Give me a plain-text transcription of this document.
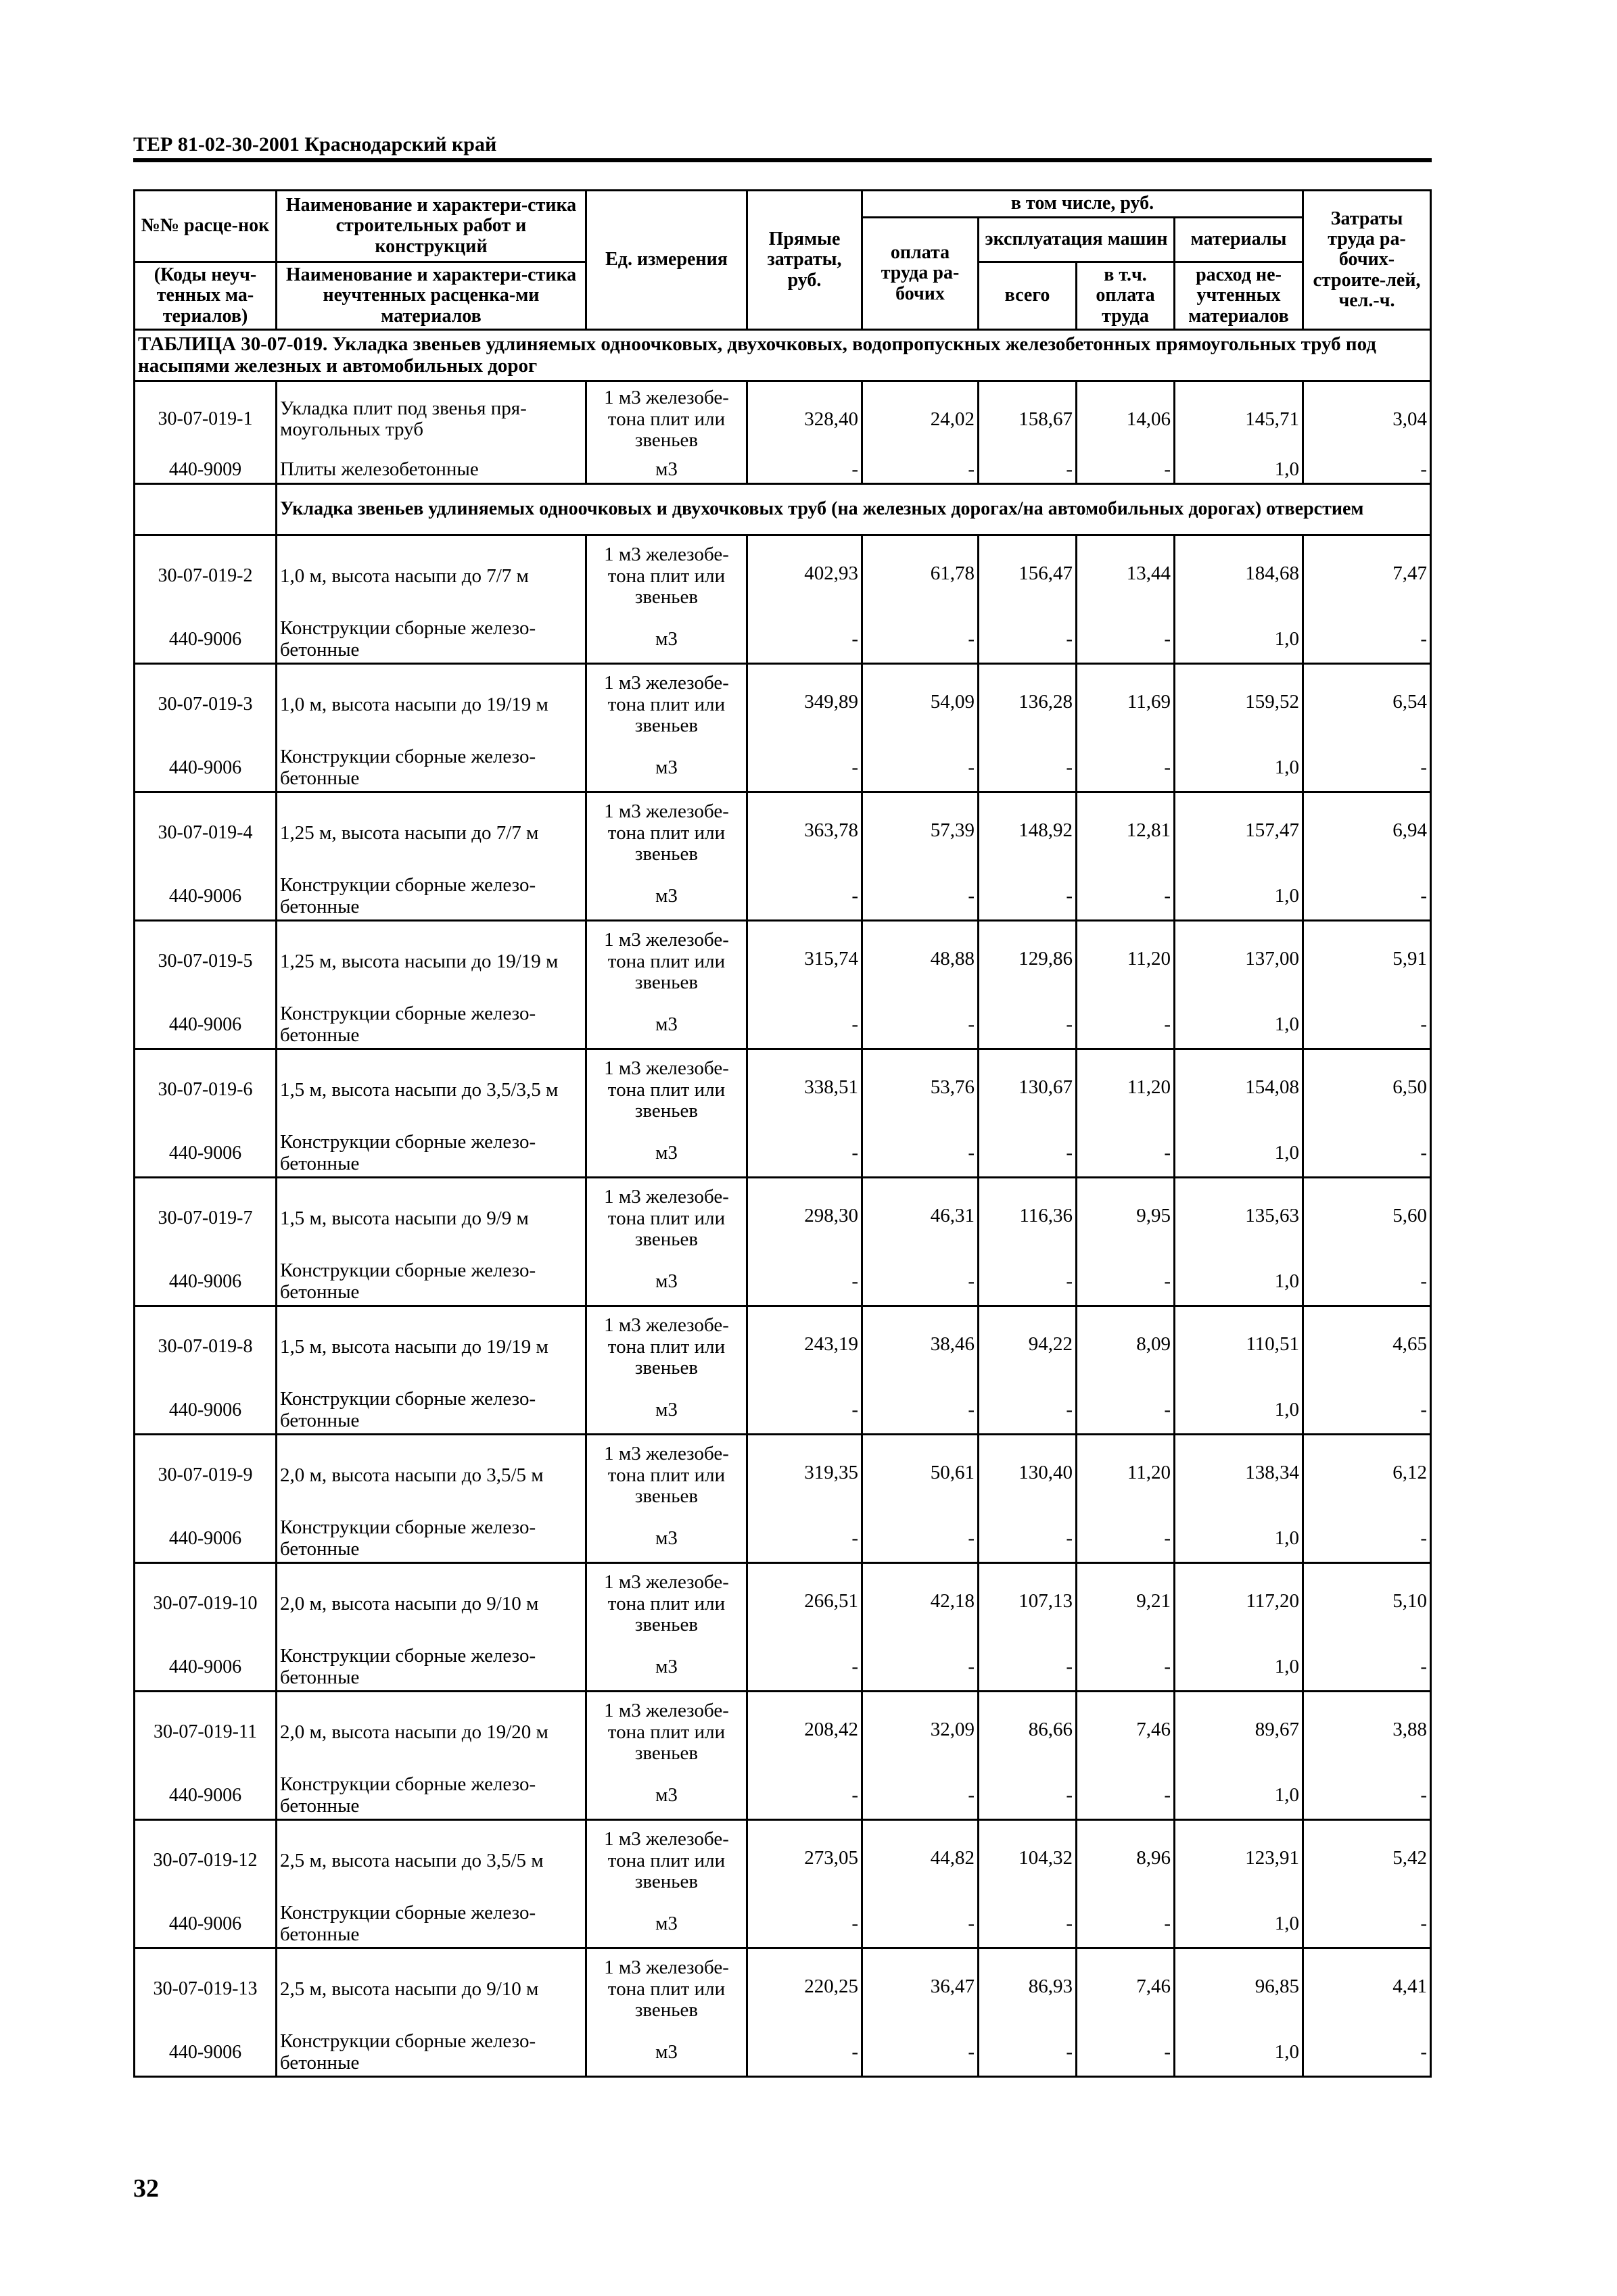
ТЕР 81-02-30-2001 Краснодарский край
№№ расце-нок	Наименование и характери-стика строительных работ и конструкций	Ед. измерения	Прямые затраты, руб.	в том числе, руб.				Затраты труда ра-бочих-строите-лей, чел.-ч.
				оплата труда ра-бочих	эксплуатация машин		материалы	
(Коды неуч-тенных ма-териалов)	Наименование и характери-стика неучтенных расценка-ми материалов				всего	в т.ч. оплата труда	расход не-учтенных материалов	

ТАБЛИЦА 30-07-019. Укладка звеньев удлиняемых одноочковых, двухочковых, водопропускных железобетонных прямоугольных труб под насыпями железных и автомобильных дорог								
30-07-019-1	Укладка плит под звенья пря-моугольных труб	1 м3 железобе-тона плит или звеньев	328,40	24,02	158,67	14,06	145,71	3,04
440-9009	Плиты железобетонные	м3	-	-	-	-	1,0	-
	Укладка звеньев удлиняемых одноочковых и двухочковых труб (на железных дорогах/на автомобильных дорогах) отверстием							
30-07-019-2	1,0 м, высота насыпи до 7/7 м	1 м3 железобе-тона плит или звеньев	402,93	61,78	156,47	13,44	184,68	7,47
440-9006	Конструкции сборные железо-бетонные	м3	-	-	-	-	1,0	-
30-07-019-3	1,0 м, высота насыпи до 19/19 м	1 м3 железобе-тона плит или звеньев	349,89	54,09	136,28	11,69	159,52	6,54
440-9006	Конструкции сборные железо-бетонные	м3	-	-	-	-	1,0	-
30-07-019-4	1,25 м, высота насыпи до 7/7 м	1 м3 железобе-тона плит или звеньев	363,78	57,39	148,92	12,81	157,47	6,94
440-9006	Конструкции сборные железо-бетонные	м3	-	-	-	-	1,0	-
30-07-019-5	1,25 м, высота насыпи до 19/19 м	1 м3 железобе-тона плит или звеньев	315,74	48,88	129,86	11,20	137,00	5,91
440-9006	Конструкции сборные железо-бетонные	м3	-	-	-	-	1,0	-
30-07-019-6	1,5 м, высота насыпи до 3,5/3,5 м	1 м3 железобе-тона плит или звеньев	338,51	53,76	130,67	11,20	154,08	6,50
440-9006	Конструкции сборные железо-бетонные	м3	-	-	-	-	1,0	-
30-07-019-7	1,5 м, высота насыпи до 9/9 м	1 м3 железобе-тона плит или звеньев	298,30	46,31	116,36	9,95	135,63	5,60
440-9006	Конструкции сборные железо-бетонные	м3	-	-	-	-	1,0	-
30-07-019-8	1,5 м, высота насыпи до 19/19 м	1 м3 железобе-тона плит или звеньев	243,19	38,46	94,22	8,09	110,51	4,65
440-9006	Конструкции сборные железо-бетонные	м3	-	-	-	-	1,0	-
30-07-019-9	2,0 м, высота насыпи до 3,5/5 м	1 м3 железобе-тона плит или звеньев	319,35	50,61	130,40	11,20	138,34	6,12
440-9006	Конструкции сборные железо-бетонные	м3	-	-	-	-	1,0	-
30-07-019-10	2,0 м, высота насыпи до 9/10 м	1 м3 железобе-тона плит или звеньев	266,51	42,18	107,13	9,21	117,20	5,10
440-9006	Конструкции сборные железо-бетонные	м3	-	-	-	-	1,0	-
30-07-019-11	2,0 м, высота насыпи до 19/20 м	1 м3 железобе-тона плит или звеньев	208,42	32,09	86,66	7,46	89,67	3,88
440-9006	Конструкции сборные железо-бетонные	м3	-	-	-	-	1,0	-
30-07-019-12	2,5 м, высота насыпи до 3,5/5 м	1 м3 железобе-тона плит или звеньев	273,05	44,82	104,32	8,96	123,91	5,42
440-9006	Конструкции сборные железо-бетонные	м3	-	-	-	-	1,0	-
30-07-019-13	2,5 м, высота насыпи до 9/10 м	1 м3 железобе-тона плит или звеньев	220,25	36,47	86,93	7,46	96,85	4,41
440-9006	Конструкции сборные железо-бетонные	м3	-	-	-	-	1,0	-
32
